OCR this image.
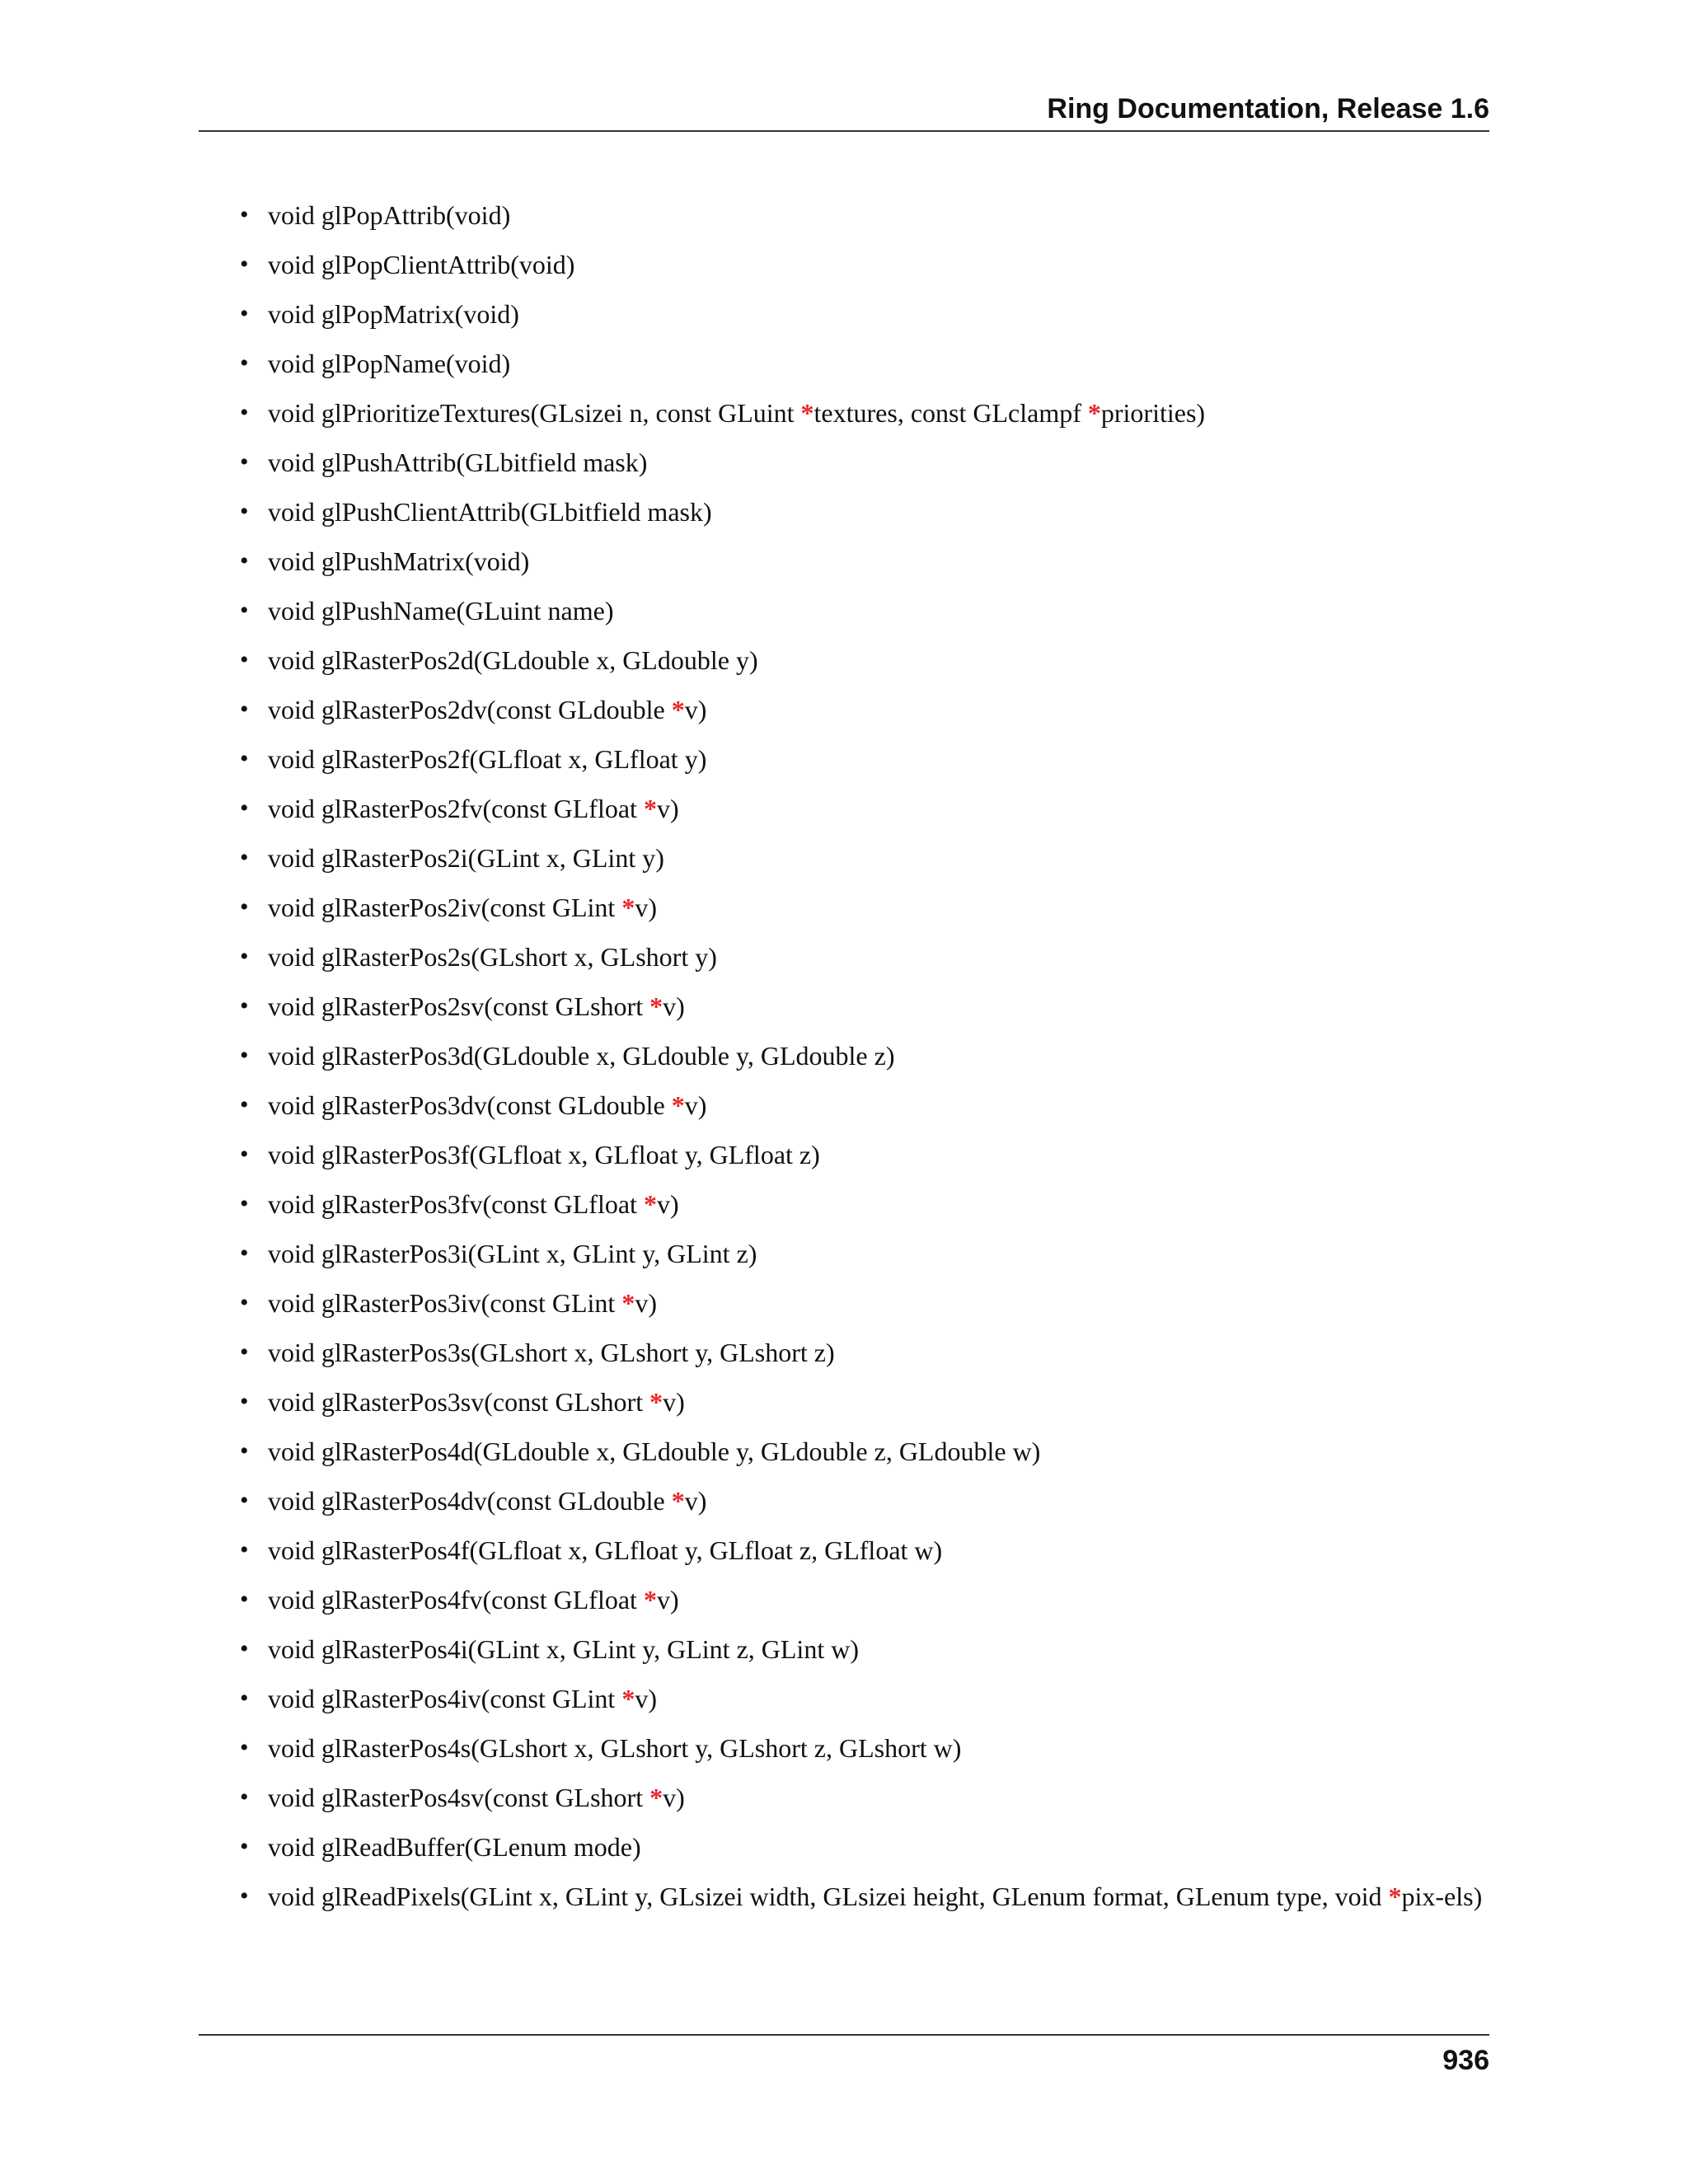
Ring Documentation, Release 1.6
• void glPopAttrib(void)
• void glPopClientAttrib(void)
• void glPopMatrix(void)
• void glPopName(void)
• void glPrioritizeTextures(GLsizei n, const GLuint *textures, const GLclampf *priorities)
• void glPushAttrib(GLbitfield mask)
• void glPushClientAttrib(GLbitfield mask)
• void glPushMatrix(void)
• void glPushName(GLuint name)
• void glRasterPos2d(GLdouble x, GLdouble y)
• void glRasterPos2dv(const GLdouble *v)
• void glRasterPos2f(GLfloat x, GLfloat y)
• void glRasterPos2fv(const GLfloat *v)
• void glRasterPos2i(GLint x, GLint y)
• void glRasterPos2iv(const GLint *v)
• void glRasterPos2s(GLshort x, GLshort y)
• void glRasterPos2sv(const GLshort *v)
• void glRasterPos3d(GLdouble x, GLdouble y, GLdouble z)
• void glRasterPos3dv(const GLdouble *v)
• void glRasterPos3f(GLfloat x, GLfloat y, GLfloat z)
• void glRasterPos3fv(const GLfloat *v)
• void glRasterPos3i(GLint x, GLint y, GLint z)
• void glRasterPos3iv(const GLint *v)
• void glRasterPos3s(GLshort x, GLshort y, GLshort z)
• void glRasterPos3sv(const GLshort *v)
• void glRasterPos4d(GLdouble x, GLdouble y, GLdouble z, GLdouble w)
• void glRasterPos4dv(const GLdouble *v)
• void glRasterPos4f(GLfloat x, GLfloat y, GLfloat z, GLfloat w)
• void glRasterPos4fv(const GLfloat *v)
• void glRasterPos4i(GLint x, GLint y, GLint z, GLint w)
• void glRasterPos4iv(const GLint *v)
• void glRasterPos4s(GLshort x, GLshort y, GLshort z, GLshort w)
• void glRasterPos4sv(const GLshort *v)
• void glReadBuffer(GLenum mode)
• void glReadPixels(GLint x, GLint y, GLsizei width, GLsizei height, GLenum format, GLenum type, void *pix-els)
936
